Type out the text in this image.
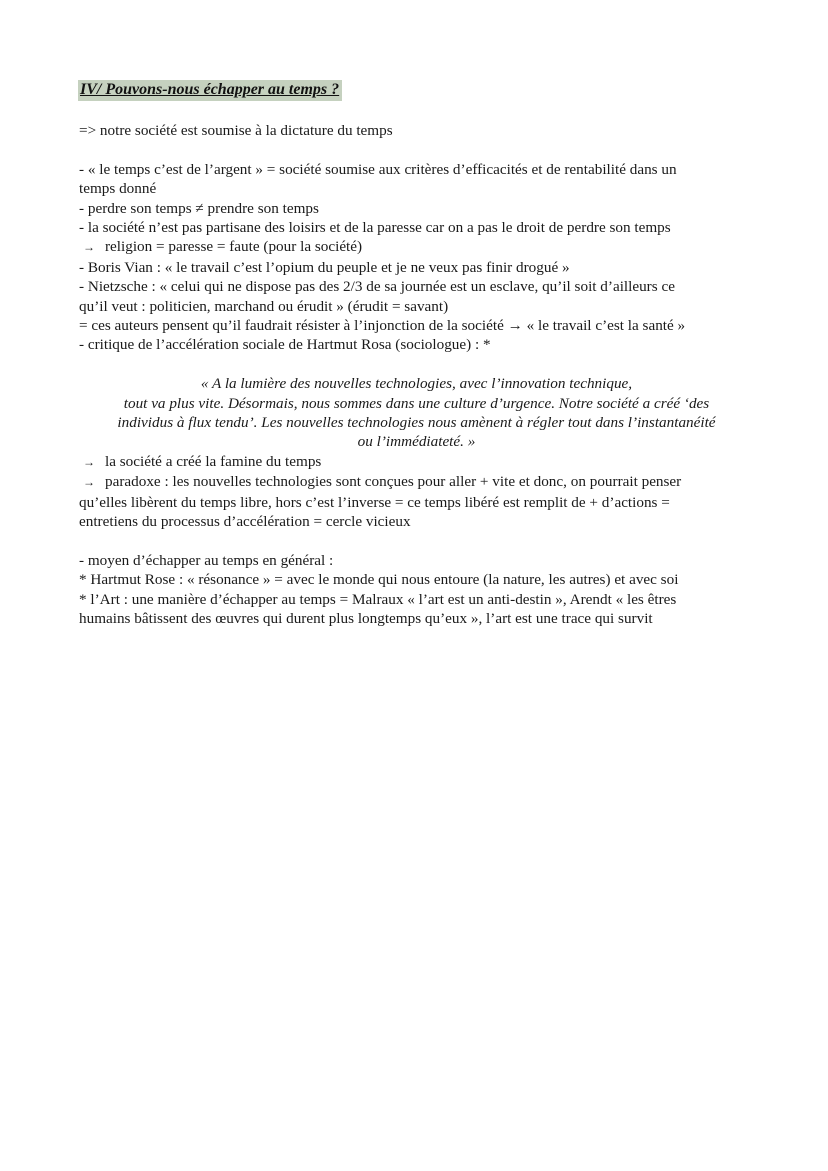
IV/ Pouvons-nous échapper au temps ?

=> notre société est soumise à la dictature du temps

- « le temps c’est de l’argent » = société soumise aux critères d’efficacités et de rentabilité dans un

temps donné

- perdre son temps ≠ prendre son temps

- la société n’est pas partisane des loisirs et de la paresse car on a pas le droit de perdre son temps

→ religion = paresse = faute (pour la société)

- Boris Vian : « le travail c’est l’opium du peuple et je ne veux pas finir drogué »

- Nietzsche : « celui qui ne dispose pas des 2/3 de sa journée est un esclave, qu’il soit d’ailleurs ce

qu’il veut : politicien, marchand ou érudit » (érudit = savant)

= ces auteurs pensent qu’il faudrait résister à l’injonction de la société → « le travail c’est la santé »

- critique de l’accélération sociale de Hartmut Rosa (sociologue) : *

« A la lumière des nouvelles technologies, avec l’innovation technique,

tout va plus vite. Désormais, nous sommes dans une culture d’urgence. Notre société a créé ‘des

individus à flux tendu’. Les nouvelles technologies nous amènent à régler tout dans l’instantanéité

ou l’immédiateté. »

→ la société a créé la famine du temps

→ paradoxe : les nouvelles technologies sont conçues pour aller + vite et donc, on pourrait penser

qu’elles libèrent du temps libre, hors c’est l’inverse = ce temps libéré est remplit de + d’actions =

entretiens du processus d’accélération = cercle vicieux

- moyen d’échapper au temps en général :

* Hartmut Rose : « résonance » = avec le monde qui nous entoure (la nature, les autres) et avec soi

* l’Art : une manière d’échapper au temps = Malraux « l’art est un anti-destin », Arendt « les êtres

humains bâtissent des œuvres qui durent plus longtemps qu’eux », l’art est une trace qui survit
